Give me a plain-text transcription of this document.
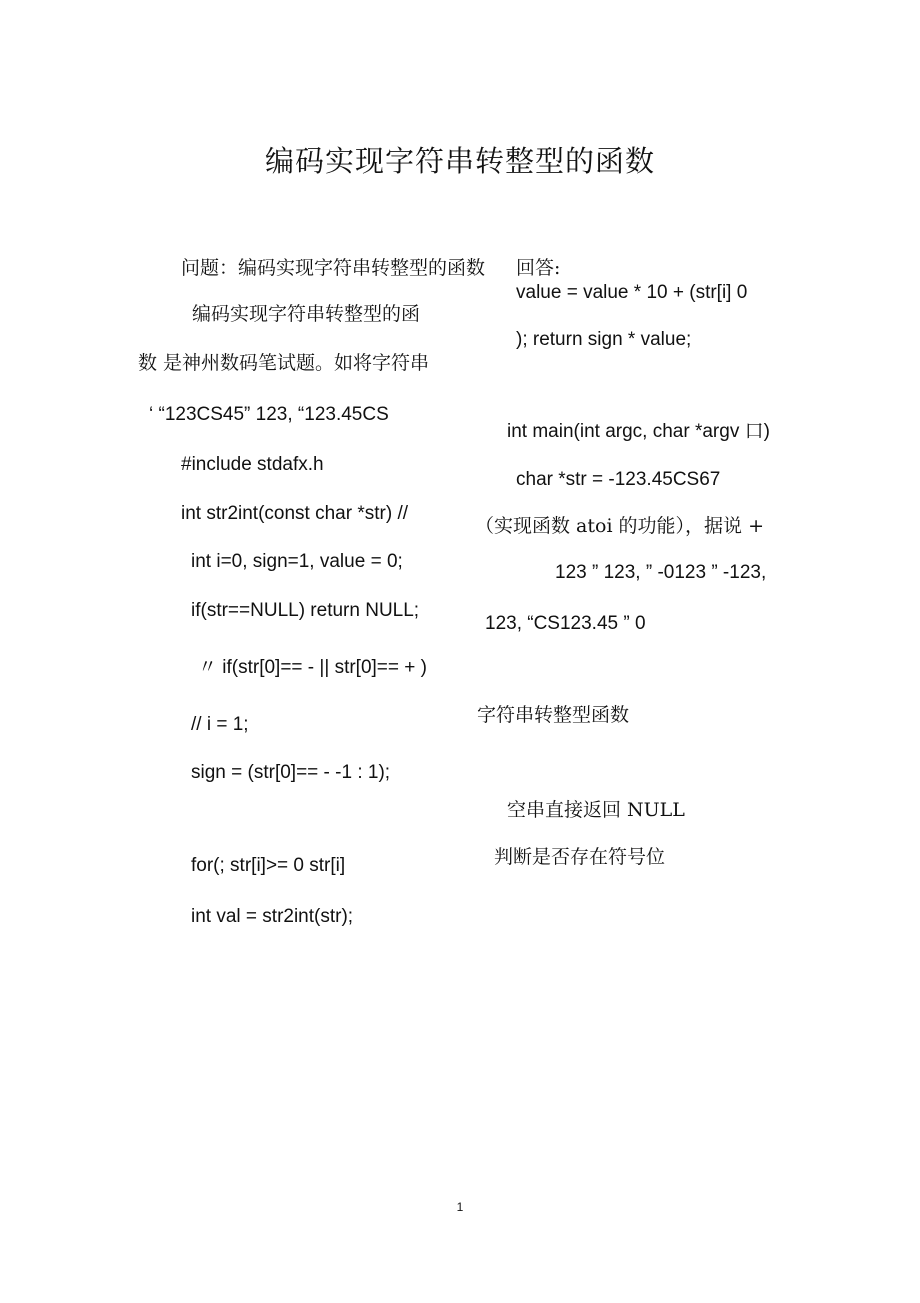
编码实现字符串转整型的函数
问题：编码实现字符串转整型的函数
编码实现字符串转整型的函
数 是神州数码笔试题。如将字符串
‘ “123CS45” 123, “123.45CS
#include stdafx.h
int str2int(const char *str) //
int i=0, sign=1, value = 0;
if(str==NULL) return NULL;
〃 if(str[0]== - || str[0]== + )
// i = 1;
sign = (str[0]== - -1 : 1);
for(; str[i]>= 0 str[i]
int val = str2int(str);
回答:
value = value * 10 + (str[i] 0
); return sign * value;
int main(int argc, char *argv 口)
char *str = -123.45CS67
（实现函数 atoi 的功能），据说 +
123 ” 123, ” -0123 ” -123,
123, “CS123.45 ” 0
字符串转整型函数
空串直接返回 NULL
判断是否存在符号位
1
